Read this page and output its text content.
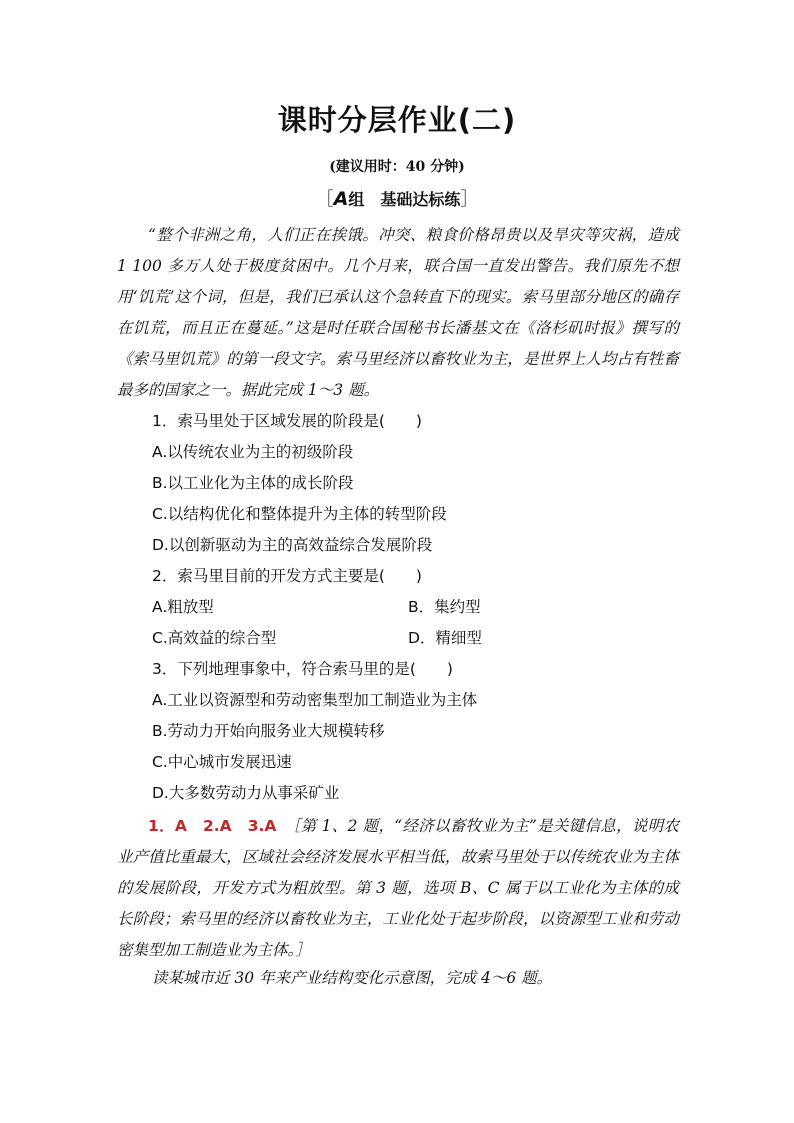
课时分层作业(二)
(建议用时：40 分钟)
［A组　基础达标练］
“整个非洲之角，人们正在挨饿。冲突、粮食价格昂贵以及旱灾等灾祸，造成 1 100 多万人处于极度贫困中。几个月来，联合国一直发出警告。我们原先不想用‘饥荒’这个词，但是，我们已承认这个急转直下的现实。索马里部分地区的确存在饥荒，而且正在蔓延。”这是时任联合国秘书长潘基文在《洛杉矶时报》撰写的《索马里饥荒》的第一段文字。索马里经济以畜牧业为主，是世界上人均占有牲畜最多的国家之一。据此完成 1～3 题。
1．索马里处于区域发展的阶段是(　　)
A.以传统农业为主的初级阶段
B.以工业化为主体的成长阶段
C.以结构优化和整体提升为主体的转型阶段
D.以创新驱动为主的高效益综合发展阶段
2．索马里目前的开发方式主要是(　　)
A.粗放型	B．集约型
C.高效益的综合型	D．精细型
3．下列地理事象中，符合索马里的是(　　)
A.工业以资源型和劳动密集型加工制造业为主体
B.劳动力开始向服务业大规模转移
C.中心城市发展迅速
D.大多数劳动力从事采矿业
1．A　2.A　3.A　 ［第 1、2 题，“经济以畜牧业为主”是关键信息，说明农业产值比重最大，区域社会经济发展水平相当低，故索马里处于以传统农业为主体的发展阶段，开发方式为粗放型。第 3 题，选项 B、C 属于以工业化为主体的成长阶段；索马里的经济以畜牧业为主，工业化处于起步阶段，以资源型工业和劳动密集型加工制造业为主体。］
读某城市近 30 年来产业结构变化示意图，完成 4～6 题。
